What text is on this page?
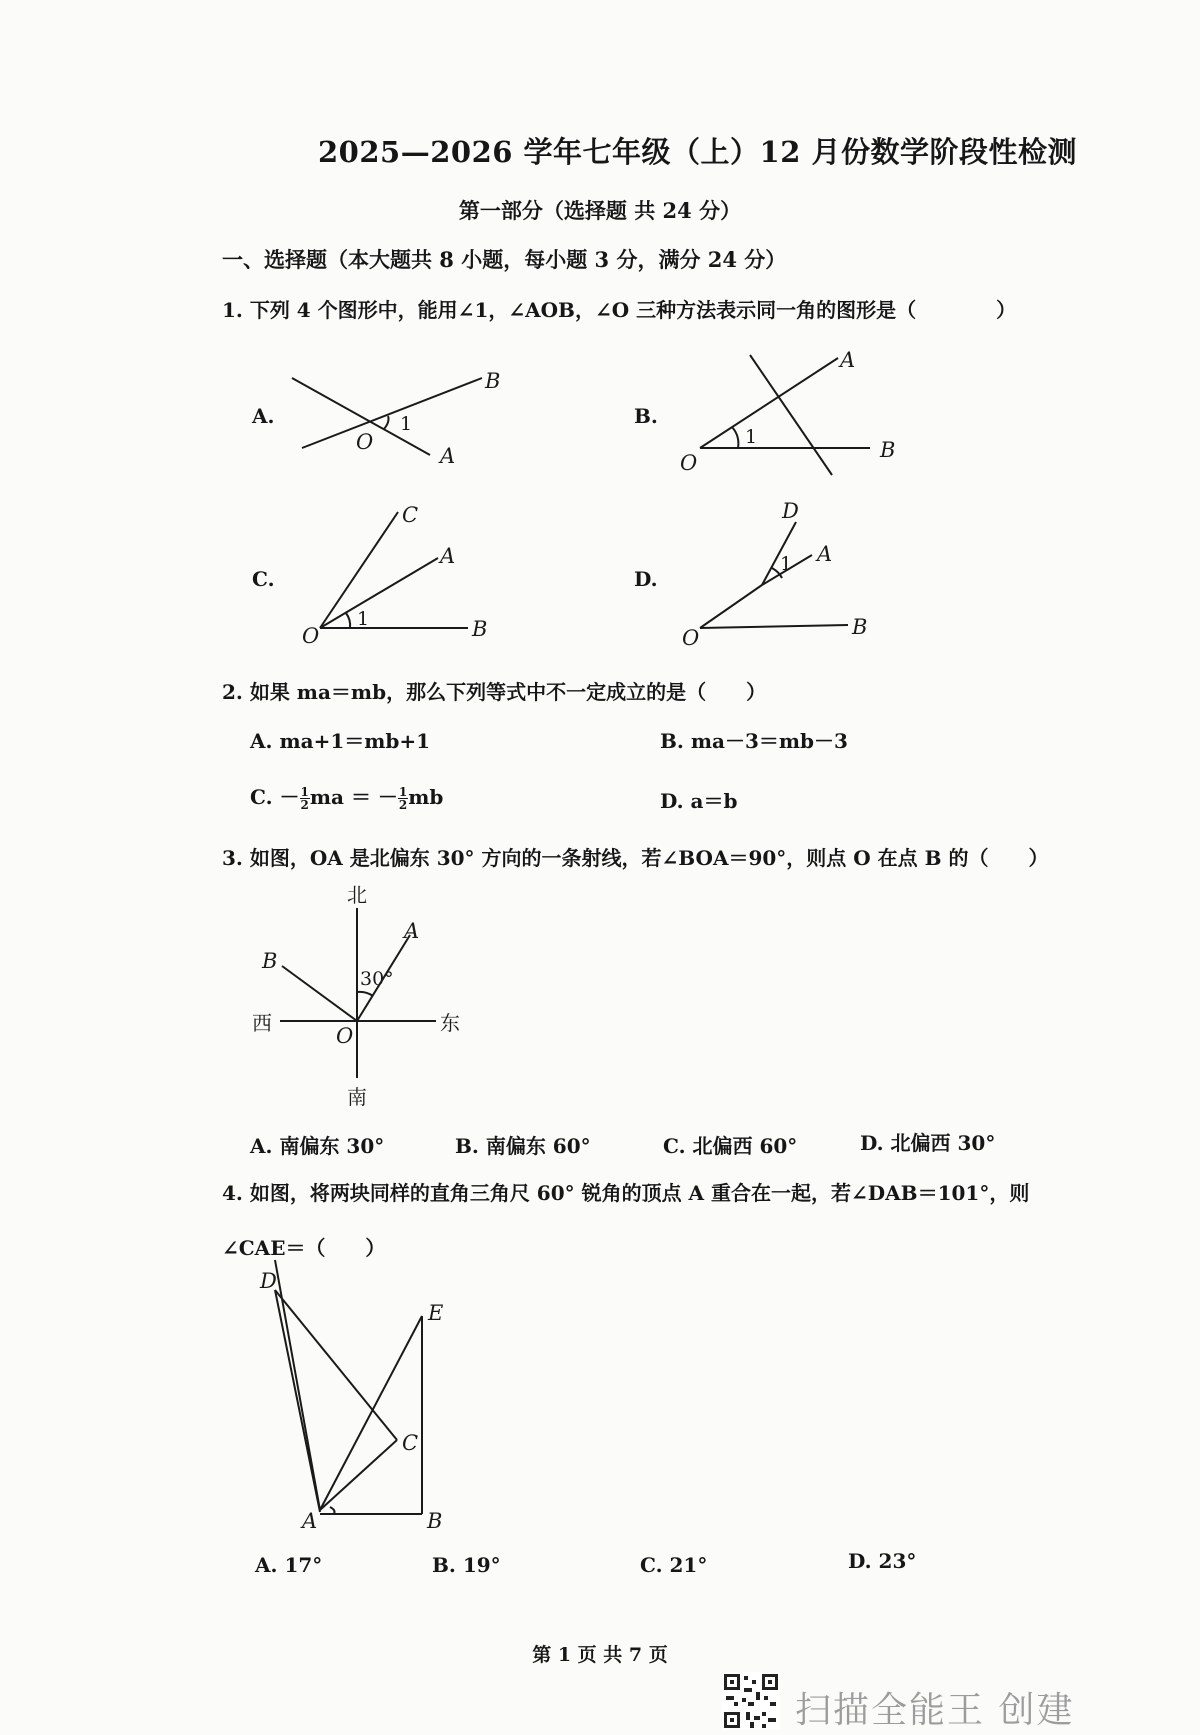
2025—2026 学年七年级（上）12 月份数学阶段性检测
第一部分（选择题 共 24 分）
一、选择题（本大题共 8 小题，每小题 3 分，满分 24 分）
1. 下列 4 个图形中，能用∠1，∠AOB，∠O 三种方法表示同一角的图形是（　　　　）
A.
B
O
A
1	B.
A
O
B
1
C.
C
A
O	B
1
D.
D
A
O	B
1
2. 如果 ma＝mb，那么下列等式中不一定成立的是（　　）
A. ma+1＝mb+1	B. ma－3＝mb－3
C. － $\frac{1}{2}$ ma ＝ － $\frac{1}{2}$ mb	D. a＝b
3. 如图，OA 是北偏东 30° 方向的一条射线，若∠BOA＝90°，则点 O 在点 B 的（　　）
北
南
西	东
A
B
O
30°
A. 南偏东 30°	B. 南偏东 60°	C. 北偏西 60°	D. 北偏西 30°
4. 如图，将两块同样的直角三角尺 60° 锐角的顶点 A 重合在一起，若∠DAB＝101°，则
∠CAE＝（　　）
D
E
C
A	B
A. 17°	B. 19°	C. 21°	D. 23°
第 1 页 共 7 页
扫描全能王 创建
